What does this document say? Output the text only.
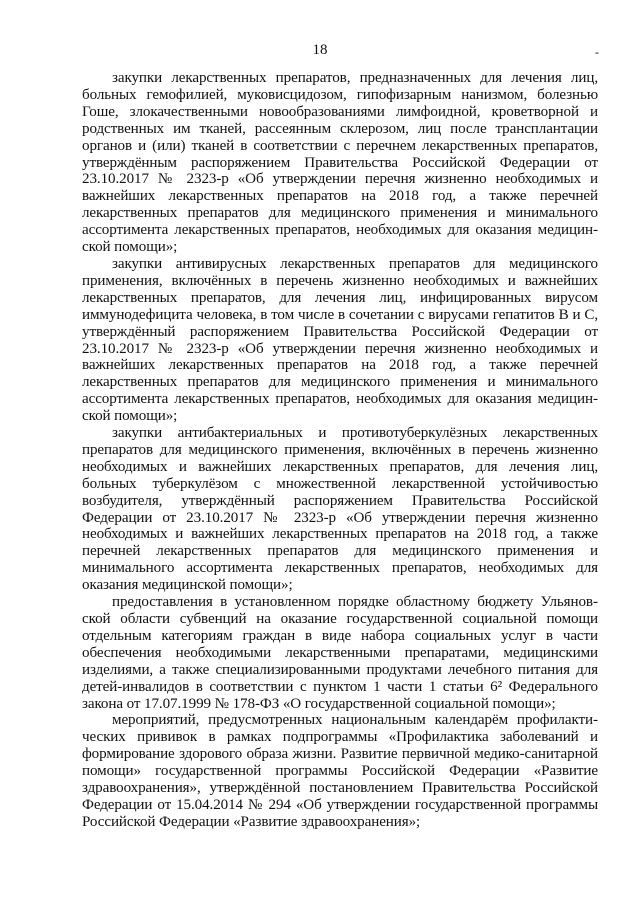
18	-

закупки лекарственных препаратов, предназначенных для лечения лиц, больных гемофилией, муковисцидозом, гипофизарным нанизмом, болезнью Гоше, злокачественными новообразованиями лимфоидной, кроветворной и родственных им тканей, рассеянным склерозом, лиц после трансплантации органов и (или) тканей в соответствии с перечнем лекарственных препаратов, утверждённым распоряжением Правительства Российской Федерации от 23.10.2017 № 2323-р «Об утверждении перечня жизненно необходимых и важнейших лекарственных препаратов на 2018 год, а также перечней лекарственных препаратов для медицинского применения и минимального ассортимента лекарственных препаратов, необходимых для оказания медицинской помощи»;

закупки антивирусных лекарственных препаратов для медицинского применения, включённых в перечень жизненно необходимых и важнейших лекарственных препаратов, для лечения лиц, инфицированных вирусом иммунодефицита человека, в том числе в сочетании с вирусами гепатитов В и С, утверждённый распоряжением Правительства Российской Федерации от 23.10.2017 № 2323-р «Об утверждении перечня жизненно необходимых и важнейших лекарственных препаратов на 2018 год, а также перечней лекарственных препаратов для медицинского применения и минимального ассортимента лекарственных препаратов, необходимых для оказания медицинской помощи»;

закупки антибактериальных и противотуберкулёзных лекарственных препаратов для медицинского применения, включённых в перечень жизненно необходимых и важнейших лекарственных препаратов, для лечения лиц, больных туберкулёзом с множественной лекарственной устойчивостью возбудителя, утверждённый распоряжением Правительства Российской Федерации от 23.10.2017 № 2323-р «Об утверждении перечня жизненно необходимых и важнейших лекарственных препаратов на 2018 год, а также перечней лекарственных препаратов для медицинского применения и минимального ассортимента лекарственных препаратов, необходимых для оказания медицинской помощи»;

предоставления в установленном порядке областному бюджету Ульяновской области субвенций на оказание государственной социальной помощи отдельным категориям граждан в виде набора социальных услуг в части обеспечения необходимыми лекарственными препаратами, медицинскими изделиями, а также специализированными продуктами лечебного питания для детей-инвалидов в соответствии с пунктом 1 части 1 статьи 6² Федерального закона от 17.07.1999 № 178-ФЗ «О государственной социальной помощи»;

мероприятий, предусмотренных национальным календарём профилактических прививок в рамках подпрограммы «Профилактика заболеваний и формирование здорового образа жизни. Развитие первичной медико-санитарной помощи» государственной программы Российской Федерации «Развитие здравоохранения», утверждённой постановлением Правительства Российской Федерации от 15.04.2014 № 294 «Об утверждении государственной программы Российской Федерации «Развитие здравоохранения»;
